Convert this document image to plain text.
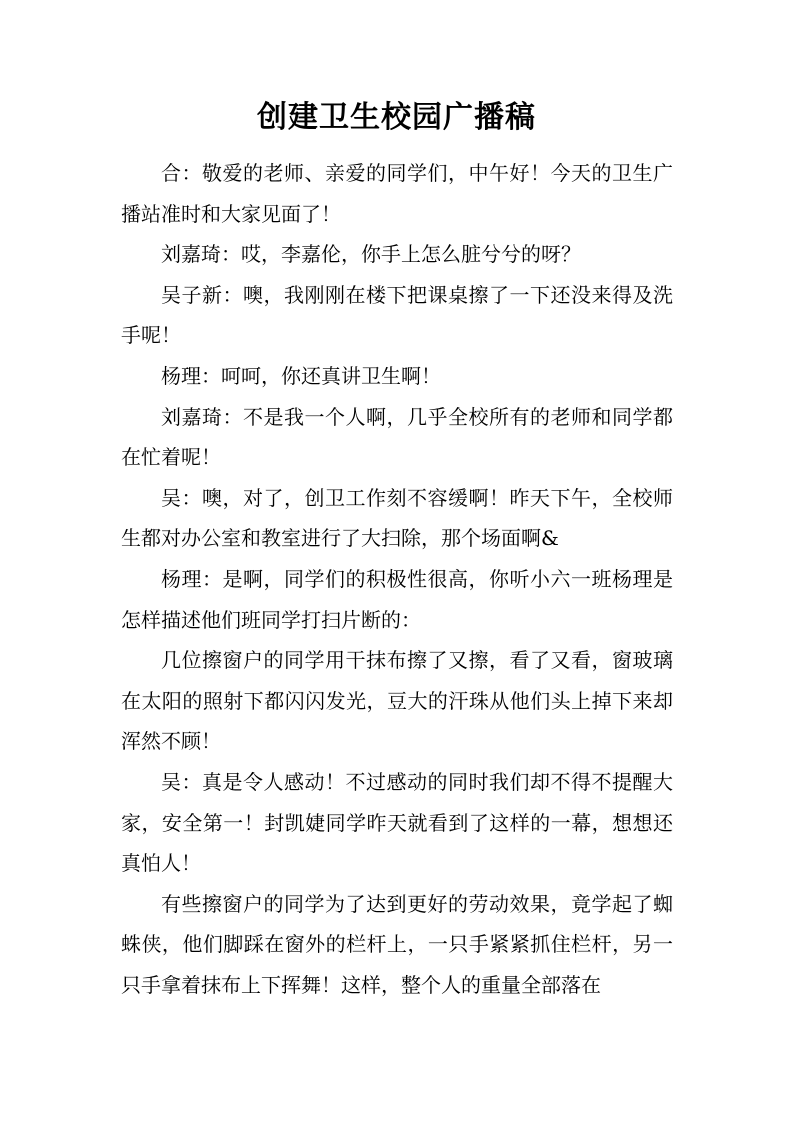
创建卫生校园广播稿

合：敬爱的老师、亲爱的同学们，中午好！今天的卫生广播站准时和大家见面了！

刘嘉琦：哎，李嘉伦，你手上怎么脏兮兮的呀？

吴子新：噢，我刚刚在楼下把课桌擦了一下还没来得及洗手呢！

杨理：呵呵，你还真讲卫生啊！

刘嘉琦：不是我一个人啊，几乎全校所有的老师和同学都在忙着呢！

吴：噢，对了，创卫工作刻不容缓啊！昨天下午，全校师生都对办公室和教室进行了大扫除，那个场面啊&

杨理：是啊，同学们的积极性很高，你听小六一班杨理是怎样描述他们班同学打扫片断的：

几位擦窗户的同学用干抹布擦了又擦，看了又看，窗玻璃在太阳的照射下都闪闪发光，豆大的汗珠从他们头上掉下来却浑然不顾！

吴：真是令人感动！不过感动的同时我们却不得不提醒大家，安全第一！封凯婕同学昨天就看到了这样的一幕，想想还真怕人！

有些擦窗户的同学为了达到更好的劳动效果，竟学起了蜘蛛侠，他们脚踩在窗外的栏杆上，一只手紧紧抓住栏杆，另一只手拿着抹布上下挥舞！这样，整个人的重量全部落在
